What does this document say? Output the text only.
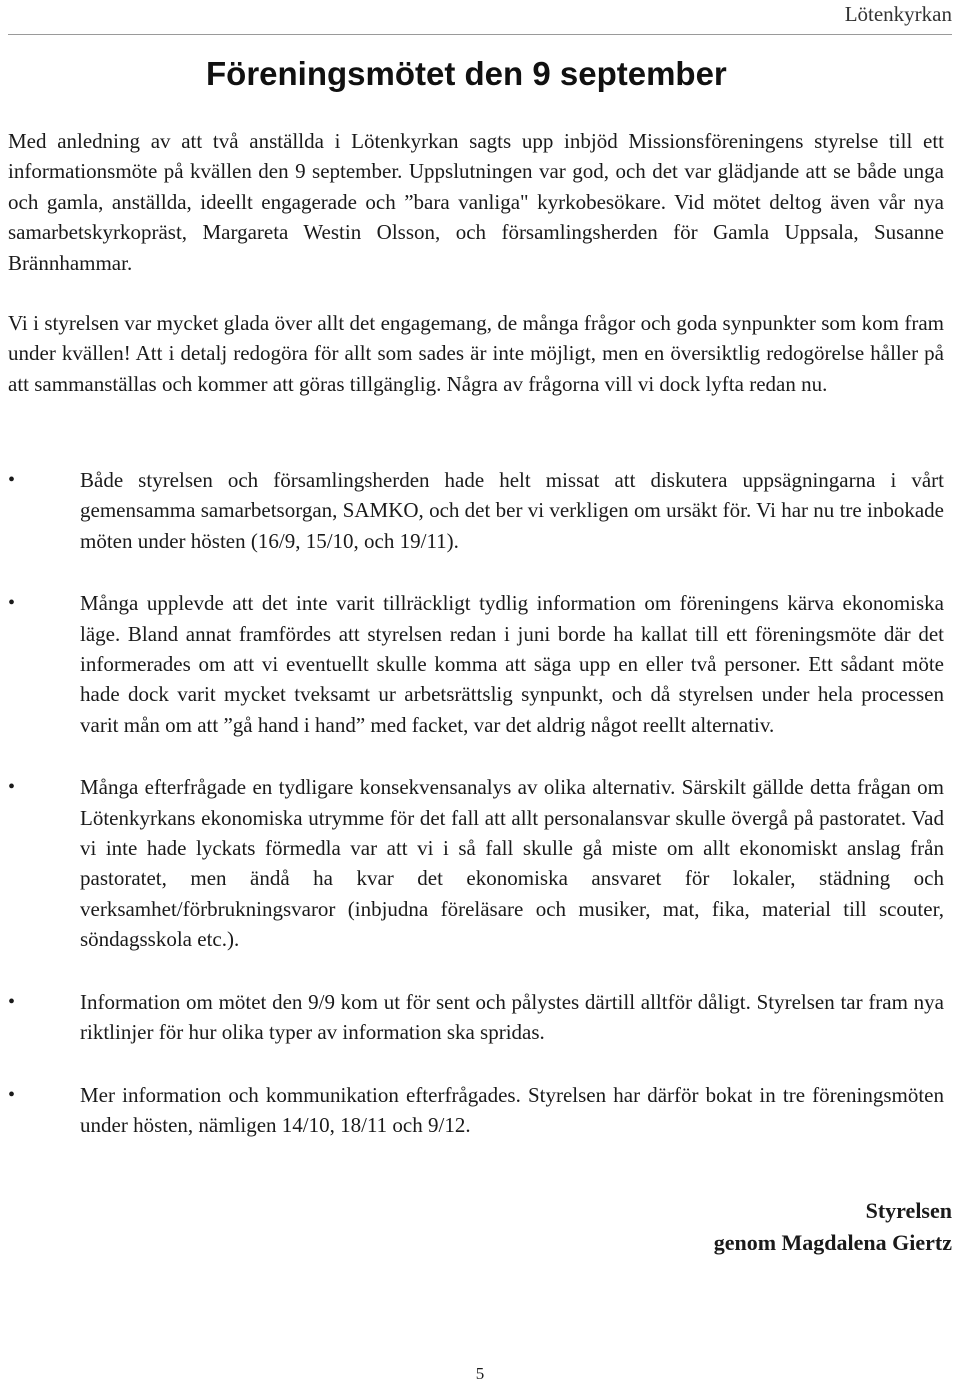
Lötenkyrkan
Föreningsmötet den 9 september

Med anledning av att två anställda i Lötenkyrkan sagts upp inbjöd Missionsföreningens styrelse till ett informationsmöte på kvällen den 9 september. Uppslutningen var god, och det var glädjande att se både unga och gamla, anställda, ideellt engagerade och ”bara vanliga" kyrkobesökare. Vid mötet deltog även vår nya samarbetskyrkopräst, Margareta Westin Olsson, och församlingsherden för Gamla Uppsala, Susanne Brännhammar.

Vi i styrelsen var mycket glada över allt det engagemang, de många frågor och goda synpunkter som kom fram under kvällen! Att i detalj redogöra för allt som sades är inte möjligt, men en översiktlig redogörelse håller på att sammanställas och kommer att göras tillgänglig. Några av frågorna vill vi dock lyfta redan nu.

•	Både styrelsen och församlingsherden hade helt missat att diskutera uppsägningarna i vårt gemensamma samarbetsorgan, SAMKO, och det ber vi verkligen om ursäkt för. Vi har nu tre inbokade möten under hösten (16/9, 15/10, och 19/11).
•	Många upplevde att det inte varit tillräckligt tydlig information om föreningens kärva ekonomiska läge. Bland annat framfördes att styrelsen redan i juni borde ha kallat till ett föreningsmöte där det informerades om att vi eventuellt skulle komma att säga upp en eller två personer. Ett sådant möte hade dock varit mycket tveksamt ur arbetsrättslig synpunkt, och då styrelsen under hela processen varit mån om att ”gå hand i hand” med facket, var det aldrig något reellt alternativ.
•	Många efterfrågade en tydligare konsekvensanalys av olika alternativ. Särskilt gällde detta frågan om Lötenkyrkans ekonomiska utrymme för det fall att allt personalansvar skulle övergå på pastoratet. Vad vi inte hade lyckats förmedla var att vi i så fall skulle gå miste om allt ekonomiskt anslag från pastoratet, men ändå ha kvar det ekonomiska ansvaret för lokaler, städning och verksamhet/förbrukningsvaror (inbjudna föreläsare och musiker, mat, fika, material till scouter, söndagsskola etc.).
•	Information om mötet den 9/9 kom ut för sent och pålystes därtill alltför dåligt. Styrelsen tar fram nya riktlinjer för hur olika typer av information ska spridas.
•	Mer information och kommunikation efterfrågades. Styrelsen har därför bokat in tre föreningsmöten under hösten, nämligen 14/10, 18/11 och 9/12.
Styrelsen
genom Magdalena Giertz
5
